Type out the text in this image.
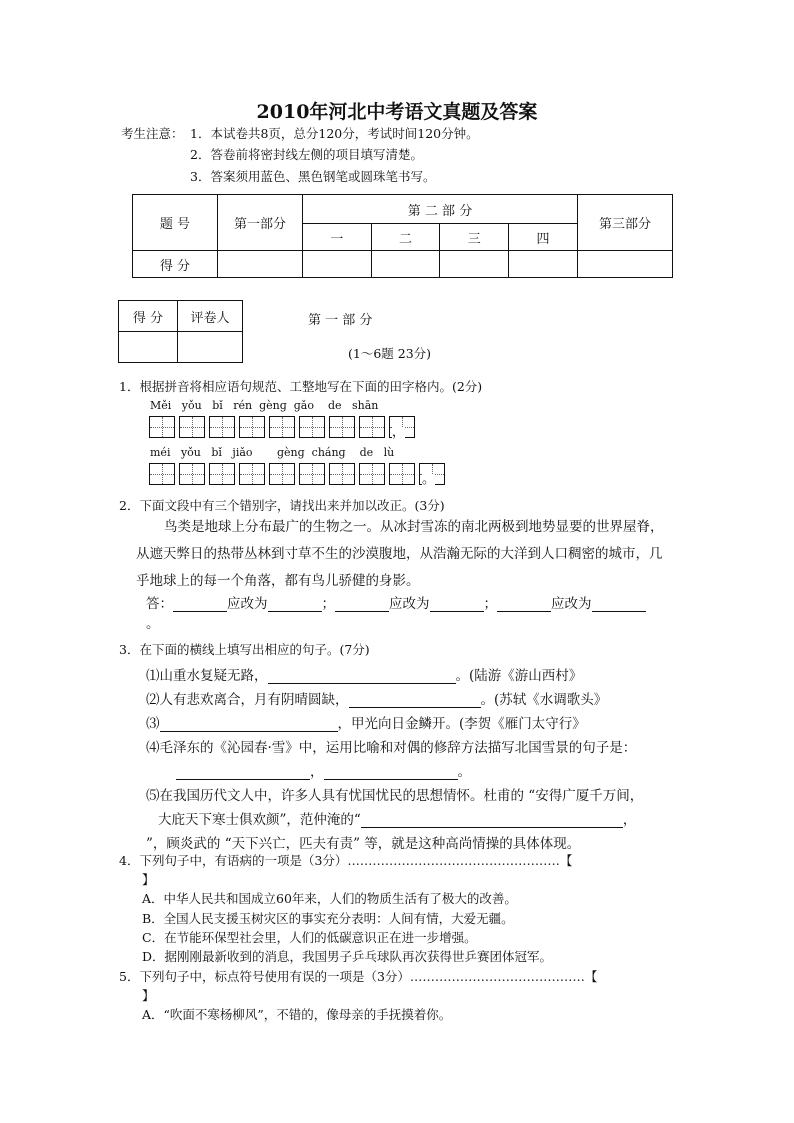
2010年河北中考语文真题及答案
考生注意： 1．本试卷共8页，总分120分，考试时间120分钟。
2．答卷前将密封线左侧的项目填写清楚。
3．答案须用蓝色、黑色钢笔或圆珠笔书写。
题 号	第一部分	第 二 部 分				第三部分
		一	二	三	四	
得 分						
得 分	评卷人
		第 一 部 分
(1～6题 23分)
1．根据拼音将相应语句规范、工整地写在下面的田字格内。(2分)
Měi   yǒu   bǐ   rén  ɡènɡ  ɡǎo    de   shān
，
méi   yǒu   bǐ   jiǎo       ɡènɡ  chánɡ    de   lù
。
2．下面文段中有三个错别字，请找出来并加以改正。(3分)
鸟类是地球上分布最广的生物之一。从冰封雪冻的南北两极到地势显要的世界屋脊，从遮天弊日的热带丛林到寸草不生的沙漠腹地，从浩瀚无际的大洋到人口稠密的城市，几乎地球上的每一个角落，都有鸟儿骄健的身影。
答：	应改为	；	应改为	；	应改为
。
3．在下面的横线上填写出相应的句子。(7分)
⑴山重水复疑无路，	。(陆游《游山西村》
⑵人有悲欢离合，月有阴晴圆缺，	。(苏轼《水调歌头》
⑶	，甲光向日金鳞开。(李贺《雁门太守行》
⑷毛泽东的《沁园春·雪》中，运用比喻和对偶的修辞方法描写北国雪景的句子是：
，	。
⑸在我国历代文人中，许多人具有忧国忧民的思想情怀。杜甫的 “安得广厦千万间，
大庇天下寒士俱欢颜”，范仲淹的“	，
”，顾炎武的 “天下兴亡，匹夫有责” 等，就是这种高尚情操的具体体现。
4．下列句子中，有语病的一项是（3分）……………………………………………【
】
A．中华人民共和国成立60年来，人们的物质生活有了极大的改善。
B．全国人民支援玉树灾区的事实充分表明：人间有情，大爱无疆。
C．在节能环保型社会里，人们的低碳意识正在进一步增强。
D．据刚刚最新收到的消息，我国男子乒乓球队再次获得世乒赛团体冠军。
5．下列句子中，标点符号使用有误的一项是（3分）……………………………………【
】
A．“吹面不寒杨柳风”，不错的，像母亲的手抚摸着你。
